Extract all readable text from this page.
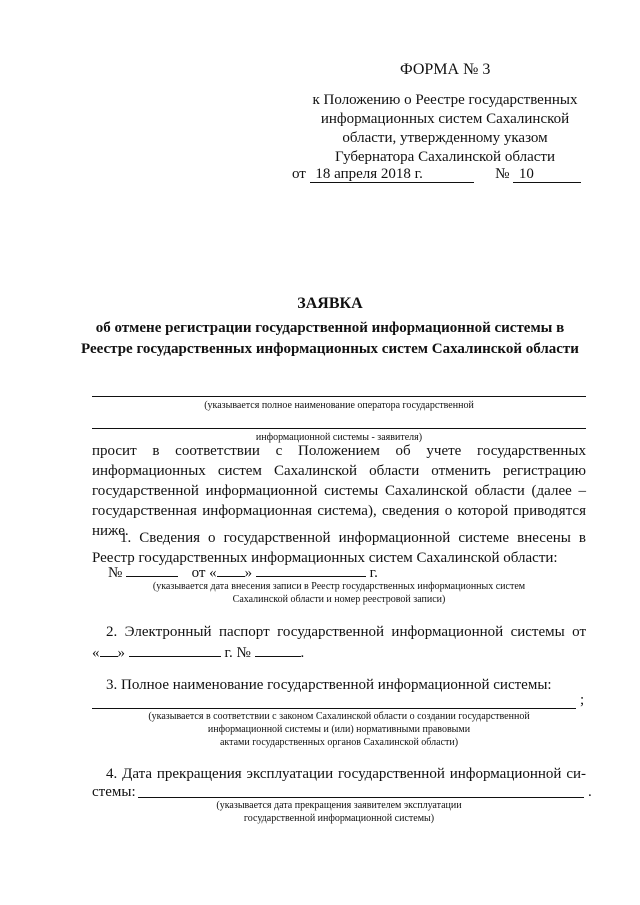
ФОРМА № 3
к Положению о Реестре государственных
информационных систем Сахалинской
области, утвержденному указом
Губернатора Сахалинской области
от 18 апреля 2018 г.	№ 10
ЗАЯВКА
об отмене регистрации государственной информационной системы в
Реестре государственных информационных систем Сахалинской области
(указывается полное наименование оператора государственной
информационной системы - заявителя)
просит в соответствии с Положением об учете государственных информационных систем Сахалинской области отменить регистрацию государственной информационной системы Сахалинской области (далее – государственная информационная система), сведения о которой приводятся ниже.
1. Сведения о государственной информационной системе внесены в Реестр государственных информационных систем Сахалинской области:
№	от « »	г.
(указывается дата внесения записи в Реестр государственных информационных систем
Сахалинской области и номер реестровой записи)
2. Электронный паспорт государственной информационной системы от
« »	г. №	.
3. Полное наименование государственной информационной системы:
;
(указывается в соответствии с законом Сахалинской области о создании государственной
информационной системы и (или) нормативными правовыми
актами государственных органов Сахалинской области)
4. Дата прекращения эксплуатации государственной информационной си-
стемы:	.
(указывается дата прекращения заявителем эксплуатации
государственной информационной системы)
